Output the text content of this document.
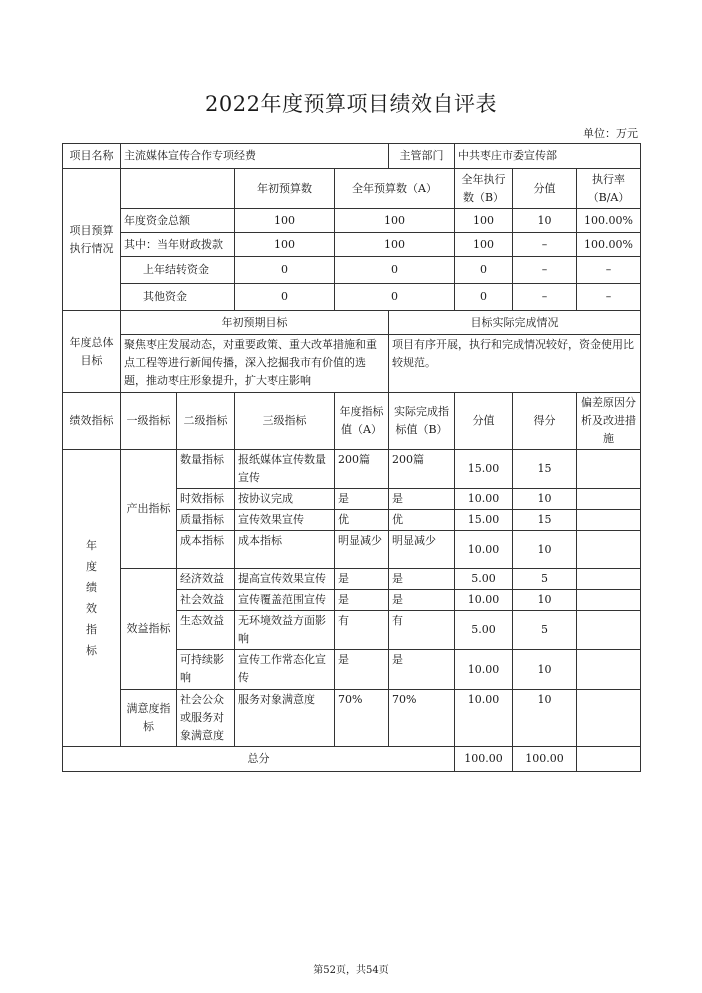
2022年度预算项目绩效自评表
单位：万元
项目名称	主流媒体宣传合作专项经费				主管部门	中共枣庄市委宣传部			
项目预算执行情况			年初预算数	全年预算数（A）		全年执行数（B）	分值	执行率（B/A）	
	年度资金总额		100	100		100	10	100.00%	
	其中：当年财政拨款		100	100		100	–	100.00%	
	上年结转资金		0	0		0	–	–	
	其他资金		0	0		0	–	–	
年度总体目标	年初预期目标				目标实际完成情况				
	聚焦枣庄发展动态，对重要政策、重大改革措施和重点工程等进行新闻传播，深入挖掘我市有价值的选题，推动枣庄形象提升，扩大枣庄影响				项目有序开展，执行和完成情况较好，资金使用比较规范。				
绩效指标	一级指标	二级指标	三级指标	年度指标值（A）	实际完成指标值（B）	分值	得分	偏差原因分析及改进措施	
年度绩效指标	产出指标	数量指标	报纸媒体宣传数量宣传	200篇	200篇	15.00	15		
		时效指标	按协议完成	是	是	10.00	10		
		质量指标	宣传效果宣传	优	优	15.00	15		
		成本指标	成本指标	明显减少	明显减少	10.00	10		
	效益指标	经济效益	提高宣传效果宣传	是	是	5.00	5		
		社会效益	宣传覆盖范围宣传	是	是	10.00	10		
		生态效益	无环境效益方面影响	有	有	5.00	5		
		可持续影响	宣传工作常态化宣传	是	是	10.00	10		
	满意度指标	社会公众或服务对象满意度	服务对象满意度	70%	70%	10.00	10		
总分						100.00	100.00		
第52页，共54页
